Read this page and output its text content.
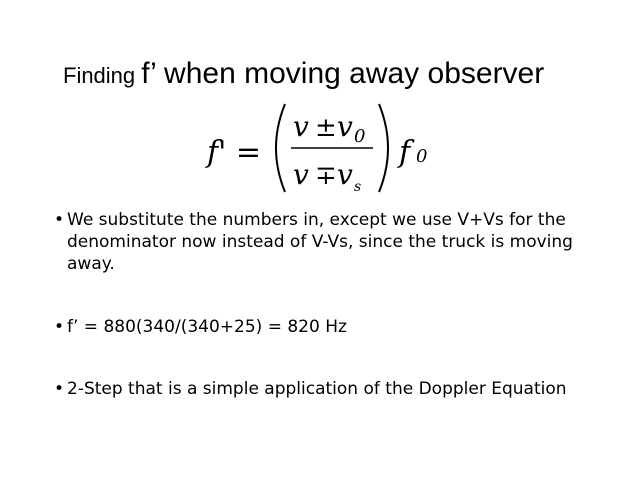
Finding f’ when moving away observer
f' =
v ± v 0
v ∓ v s
f 0
• We substitute the numbers in, except we use V+Vs for the denominator now instead of V-Vs, since the truck is moving away.
• f’ = 880(340/(340+25) = 820 Hz
• 2-Step that is a simple application of the Doppler Equation
